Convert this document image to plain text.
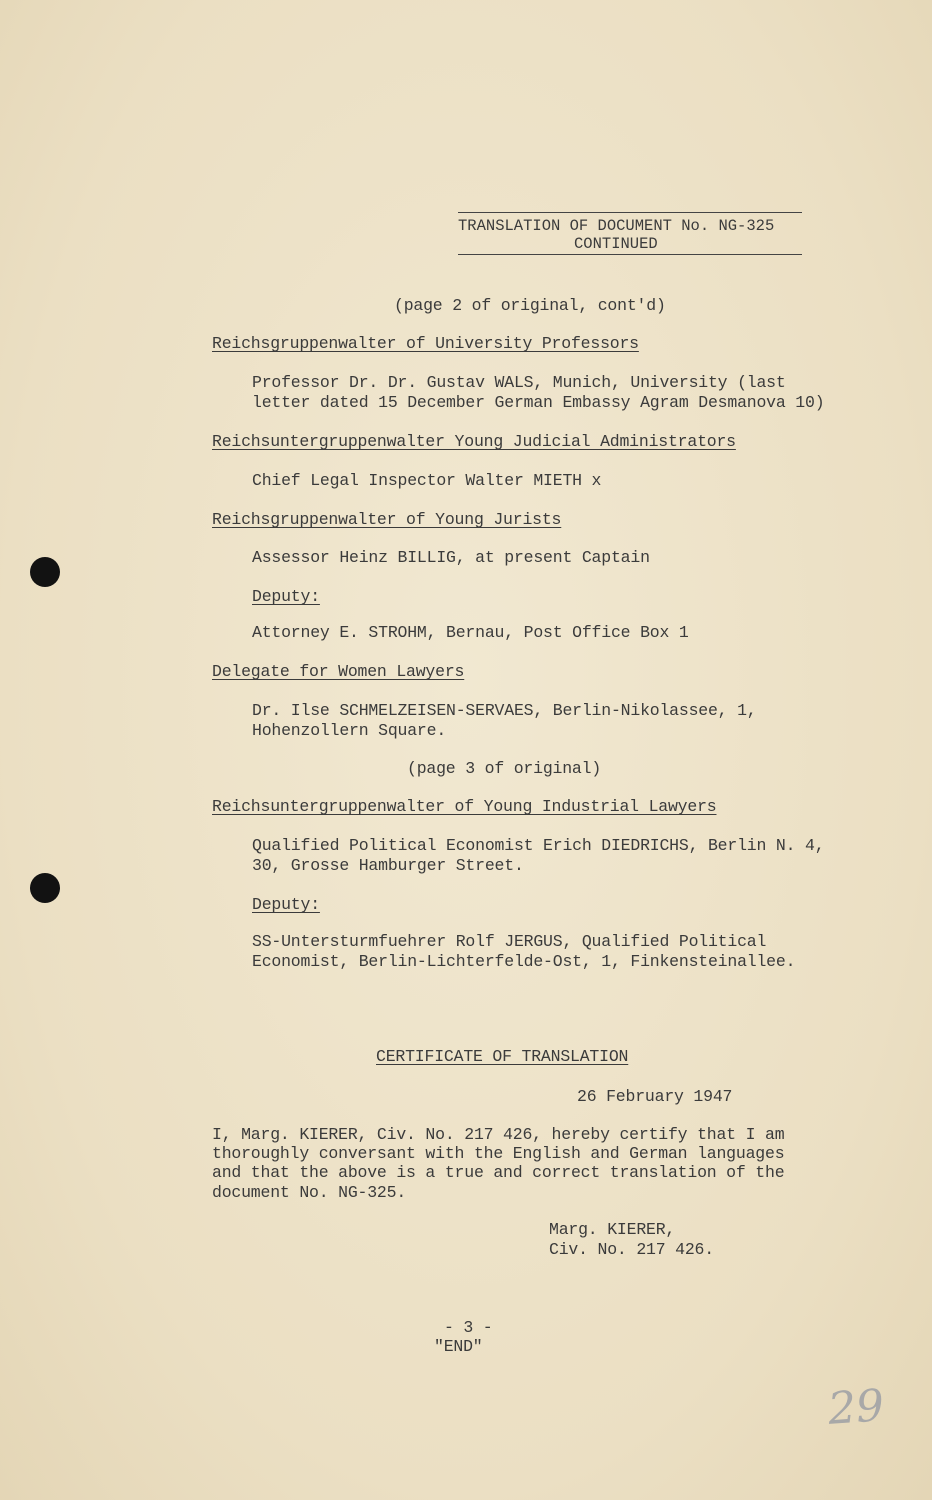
TRANSLATION OF DOCUMENT No. NG-325
CONTINUED
(page 2 of original, cont'd)
Reichsgruppenwalter of University Professors
Professor Dr. Dr. Gustav WALS, Munich, University (last
letter dated 15 December German Embassy Agram Desmanova 10)
Reichsuntergruppenwalter Young Judicial Administrators
Chief Legal Inspector Walter MIETH x
Reichsgruppenwalter of Young Jurists
Assessor Heinz BILLIG, at present Captain
Deputy:
Attorney E. STROHM, Bernau, Post Office Box 1
Delegate for Women Lawyers
Dr. Ilse SCHMELZEISEN-SERVAES, Berlin-Nikolassee, 1,
Hohenzollern Square.
(page 3 of original)
Reichsuntergruppenwalter of Young Industrial Lawyers
Qualified Political Economist Erich DIEDRICHS, Berlin N. 4,
30, Grosse Hamburger Street.
Deputy:
SS-Untersturmfuehrer Rolf JERGUS, Qualified Political
Economist, Berlin-Lichterfelde-Ost, 1, Finkensteinallee.
CERTIFICATE OF TRANSLATION
26 February 1947
I, Marg. KIERER, Civ. No. 217 426, hereby certify that I am
thoroughly conversant with the English and German languages
and that the above is a true and correct translation of the
document No. NG-325.
Marg. KIERER,
Civ. No. 217 426.
- 3 -
"END"
29
